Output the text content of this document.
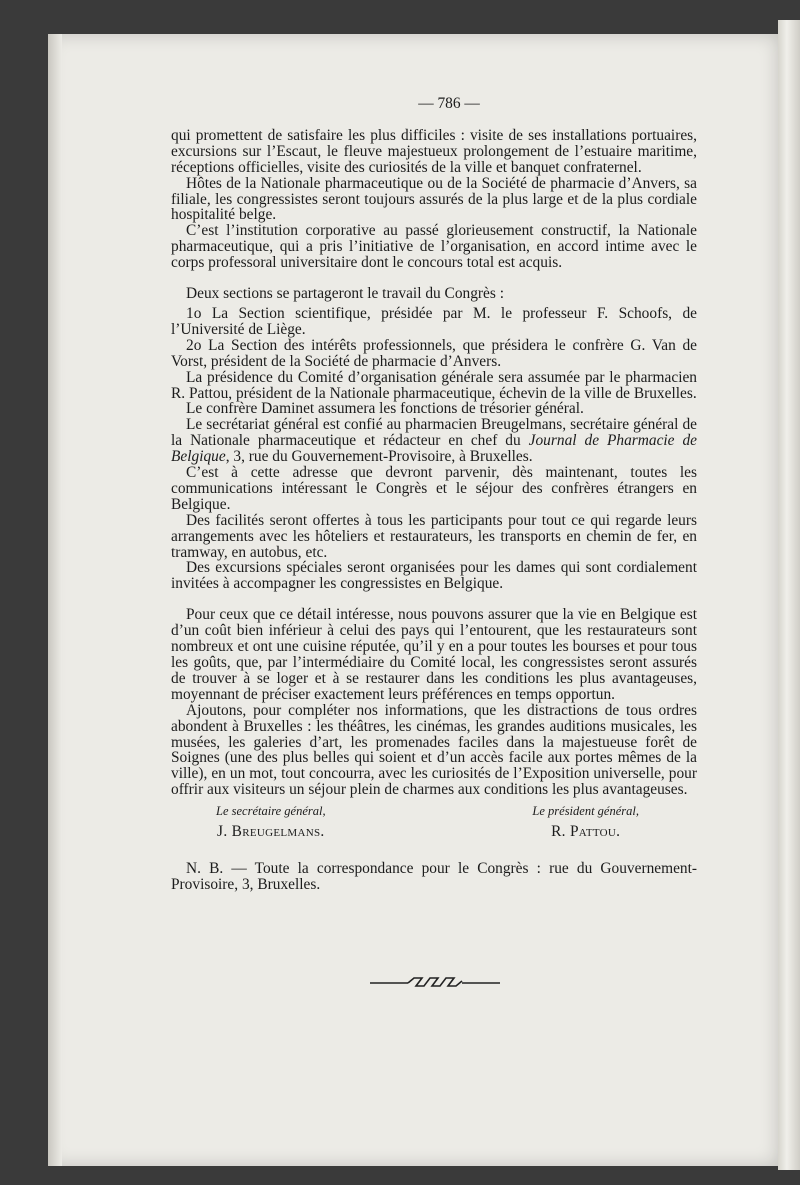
— 786 —

qui promettent de satisfaire les plus difficiles : visite de ses installations portuaires, excursions sur l’Escaut, le fleuve majestueux prolongement de l’estuaire maritime, réceptions officielles, visite des curiosités de la ville et banquet confraternel.

Hôtes de la Nationale pharmaceutique ou de la Société de pharmacie d’Anvers, sa filiale, les congressistes seront toujours assurés de la plus large et de la plus cordiale hospitalité belge.

C’est l’institution corporative au passé glorieusement constructif, la Nationale pharmaceutique, qui a pris l’initiative de l’organisation, en accord intime avec le corps professoral universitaire dont le concours total est acquis.

Deux sections se partageront le travail du Congrès :

1o La Section scientifique, présidée par M. le professeur F. Schoofs, de l’Université de Liège.

2o La Section des intérêts professionnels, que présidera le confrère G. Van de Vorst, président de la Société de pharmacie d’Anvers.

La présidence du Comité d’organisation générale sera assumée par le pharmacien R. Pattou, président de la Nationale pharmaceutique, échevin de la ville de Bruxelles.

Le confrère Daminet assumera les fonctions de trésorier général.

Le secrétariat général est confié au pharmacien Breugelmans, secrétaire général de la Nationale pharmaceutique et rédacteur en chef du Journal de Pharmacie de Belgique, 3, rue du Gouvernement-Provisoire, à Bruxelles.

C’est à cette adresse que devront parvenir, dès maintenant, toutes les communications intéressant le Congrès et le séjour des confrères étrangers en Belgique.

Des facilités seront offertes à tous les participants pour tout ce qui regarde leurs arrangements avec les hôteliers et restaurateurs, les transports en chemin de fer, en tramway, en autobus, etc.

Des excursions spéciales seront organisées pour les dames qui sont cordialement invitées à accompagner les congressistes en Belgique.

Pour ceux que ce détail intéresse, nous pouvons assurer que la vie en Belgique est d’un coût bien inférieur à celui des pays qui l’entourent, que les restaurateurs sont nombreux et ont une cuisine réputée, qu’il y en a pour toutes les bourses et pour tous les goûts, que, par l’intermédiaire du Comité local, les congressistes seront assurés de trouver à se loger et à se restaurer dans les conditions les plus avantageuses, moyennant de préciser exactement leurs préférences en temps opportun.

Ajoutons, pour compléter nos informations, que les distractions de tous ordres abondent à Bruxelles : les théâtres, les cinémas, les grandes auditions musicales, les musées, les galeries d’art, les promenades faciles dans la majestueuse forêt de Soignes (une des plus belles qui soient et d’un accès facile aux portes mêmes de la ville), en un mot, tout concourra, avec les curiosités de l’Exposition universelle, pour offrir aux visiteurs un séjour plein de charmes aux conditions les plus avantageuses.

Le secrétaire général,
J. Breugelmans.
Le président général,
R. Pattou.

N. B. — Toute la correspondance pour le Congrès : rue du Gouvernement-Provisoire, 3, Bruxelles.
